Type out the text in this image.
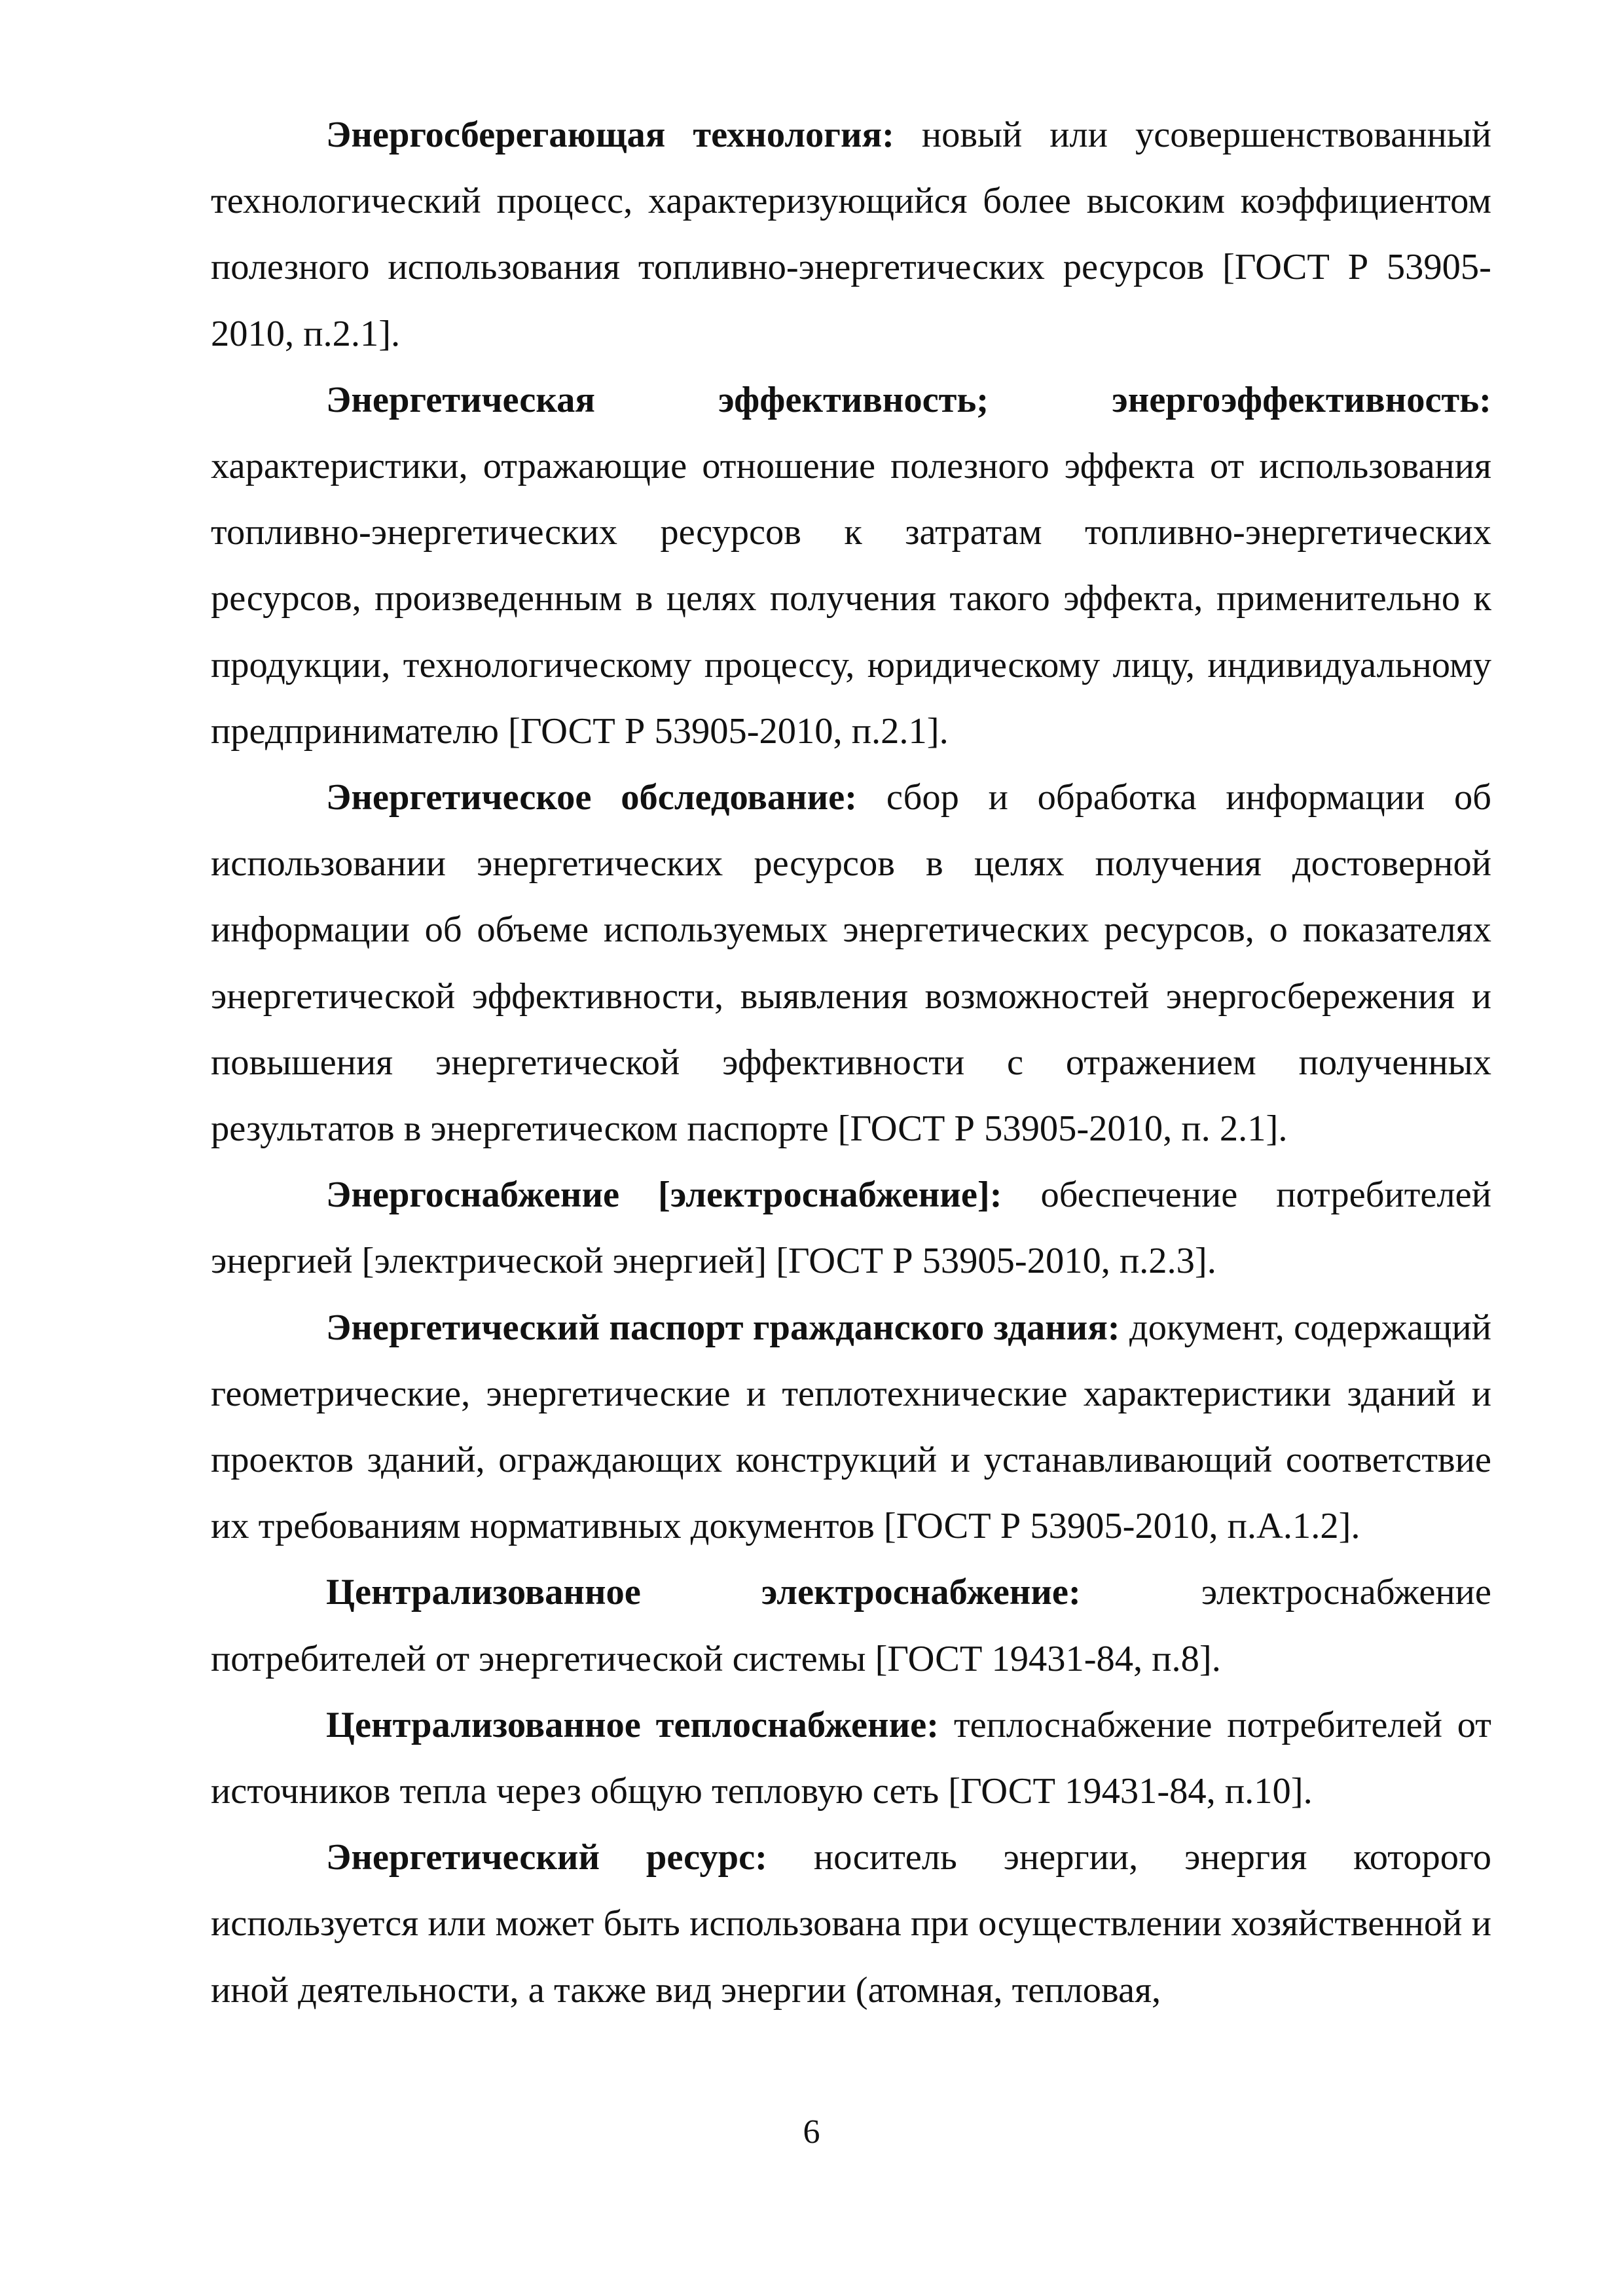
Энергосберегающая технология: новый или усовершенствованный технологический процесс, характеризующийся более высоким коэффициентом полезного использования топливно-энергетических ресурсов [ГОСТ Р 53905-2010, п.2.1].

Энергетическая эффективность; энергоэффективность: характеристики, отражающие отношение полезного эффекта от использования топливно-энергетических ресурсов к затратам топливно-энергетических ресурсов, произведенным в целях получения такого эффекта, применительно к продукции, технологическому процессу, юридическому лицу, индивидуальному предпринимателю [ГОСТ Р 53905-2010, п.2.1].

Энергетическое обследование: сбор и обработка информации об использовании энергетических ресурсов в целях получения достоверной информации об объеме используемых энергетических ресурсов, о показателях энергетической эффективности, выявления возможностей энергосбережения и повышения энергетической эффективности с отражением полученных результатов в энергетическом паспорте [ГОСТ Р 53905-2010, п. 2.1].

Энергоснабжение [электроснабжение]: обеспечение потребителей энергией [электрической энергией] [ГОСТ Р 53905-2010, п.2.3].

Энергетический паспорт гражданского здания: документ, содержащий геометрические, энергетические и теплотехнические характеристики зданий и проектов зданий, ограждающих конструкций и устанавливающий соответствие их требованиям нормативных документов [ГОСТ Р 53905-2010, п.А.1.2].

Централизованное электроснабжение: электроснабжение потребителей от энергетической системы [ГОСТ 19431-84, п.8].

Централизованное теплоснабжение: теплоснабжение потребителей от источников тепла через общую тепловую сеть [ГОСТ 19431-84, п.10].

Энергетический ресурс: носитель энергии, энергия которого используется или может быть использована при осуществлении хозяйственной и иной деятельности, а также вид энергии (атомная, тепловая,

6
